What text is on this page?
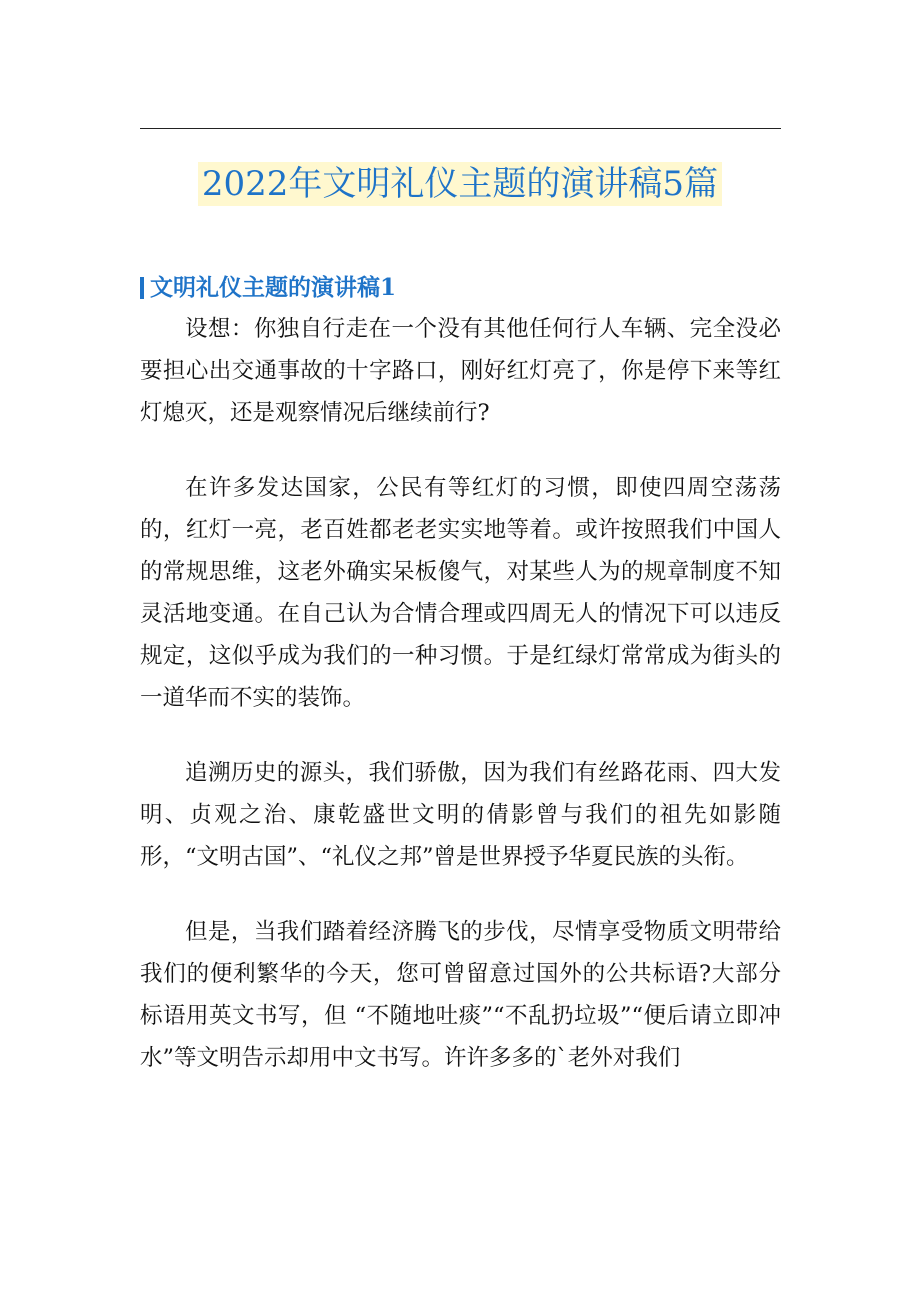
2022年文明礼仪主题的演讲稿5篇
文明礼仪主题的演讲稿1

设想：你独自行走在一个没有其他任何行人车辆、完全没必要担心出交通事故的十字路口，刚好红灯亮了，你是停下来等红灯熄灭，还是观察情况后继续前行?

在许多发达国家，公民有等红灯的习惯，即使四周空荡荡的，红灯一亮，老百姓都老老实实地等着。或许按照我们中国人的常规思维，这老外确实呆板傻气，对某些人为的规章制度不知灵活地变通。在自己认为合情合理或四周无人的情况下可以违反规定，这似乎成为我们的一种习惯。于是红绿灯常常成为街头的一道华而不实的装饰。

追溯历史的源头，我们骄傲，因为我们有丝路花雨、四大发明、贞观之治、康乾盛世文明的倩影曾与我们的祖先如影随形，“文明古国”、“礼仪之邦”曾是世界授予华夏民族的头衔。

但是，当我们踏着经济腾飞的步伐，尽情享受物质文明带给我们的便利繁华的今天，您可曾留意过国外的公共标语?大部分标语用英文书写，但 “不随地吐痰”“不乱扔垃圾”“便后请立即冲水”等文明告示却用中文书写。许许多多的`老外对我们
